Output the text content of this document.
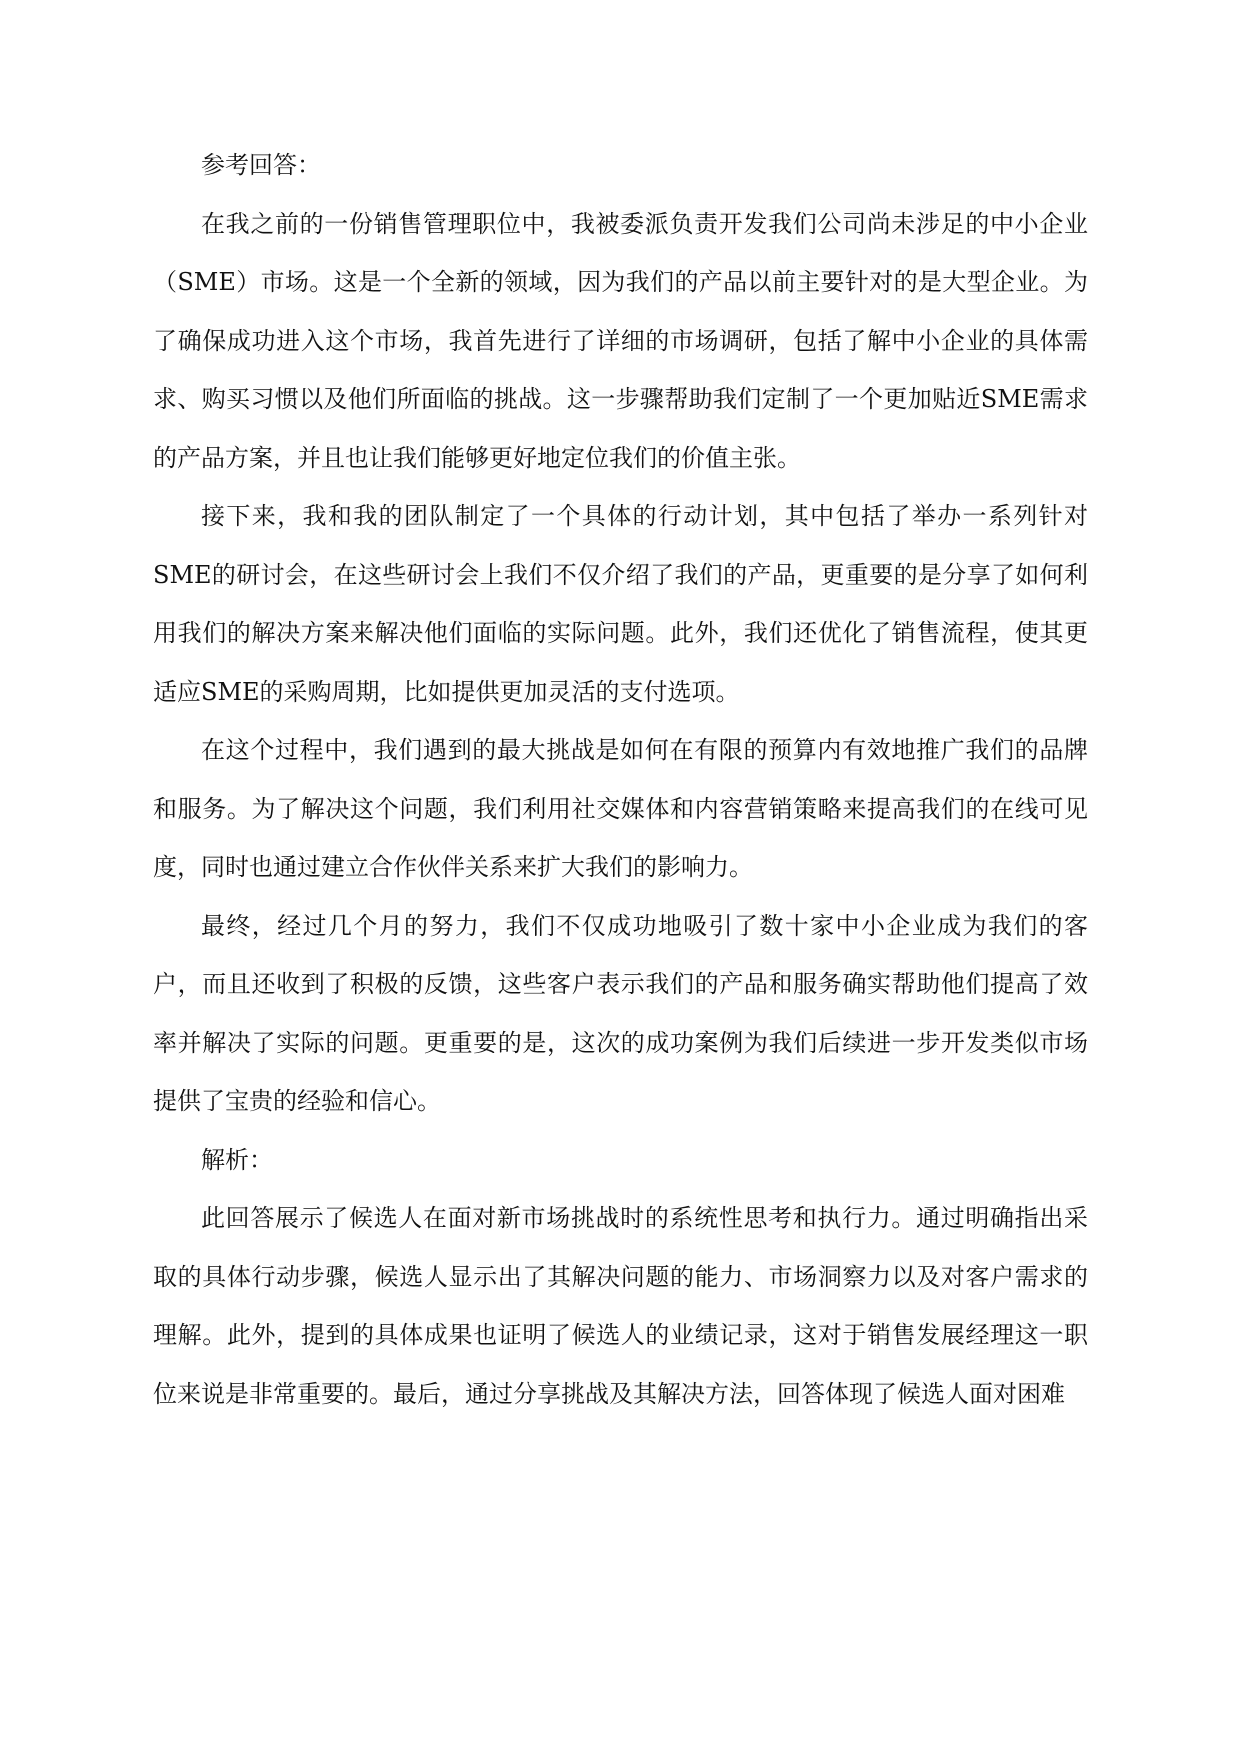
参考回答：

在我之前的一份销售管理职位中，我被委派负责开发我们公司尚未涉足的中小企业（SME）市场。这是一个全新的领域，因为我们的产品以前主要针对的是大型企业。为了确保成功进入这个市场，我首先进行了详细的市场调研，包括了解中小企业的具体需求、购买习惯以及他们所面临的挑战。这一步骤帮助我们定制了一个更加贴近SME需求的产品方案，并且也让我们能够更好地定位我们的价值主张。

接下来，我和我的团队制定了一个具体的行动计划，其中包括了举办一系列针对SME的研讨会，在这些研讨会上我们不仅介绍了我们的产品，更重要的是分享了如何利用我们的解决方案来解决他们面临的实际问题。此外，我们还优化了销售流程，使其更适应SME的采购周期，比如提供更加灵活的支付选项。

在这个过程中，我们遇到的最大挑战是如何在有限的预算内有效地推广我们的品牌和服务。为了解决这个问题，我们利用社交媒体和内容营销策略来提高我们的在线可见度，同时也通过建立合作伙伴关系来扩大我们的影响力。

最终，经过几个月的努力，我们不仅成功地吸引了数十家中小企业成为我们的客户，而且还收到了积极的反馈，这些客户表示我们的产品和服务确实帮助他们提高了效率并解决了实际的问题。更重要的是，这次的成功案例为我们后续进一步开发类似市场提供了宝贵的经验和信心。

解析：

此回答展示了候选人在面对新市场挑战时的系统性思考和执行力。通过明确指出采取的具体行动步骤，候选人显示出了其解决问题的能力、市场洞察力以及对客户需求的理解。此外，提到的具体成果也证明了候选人的业绩记录，这对于销售发展经理这一职位来说是非常重要的。最后，通过分享挑战及其解决方法，回答体现了候选人面对困难
